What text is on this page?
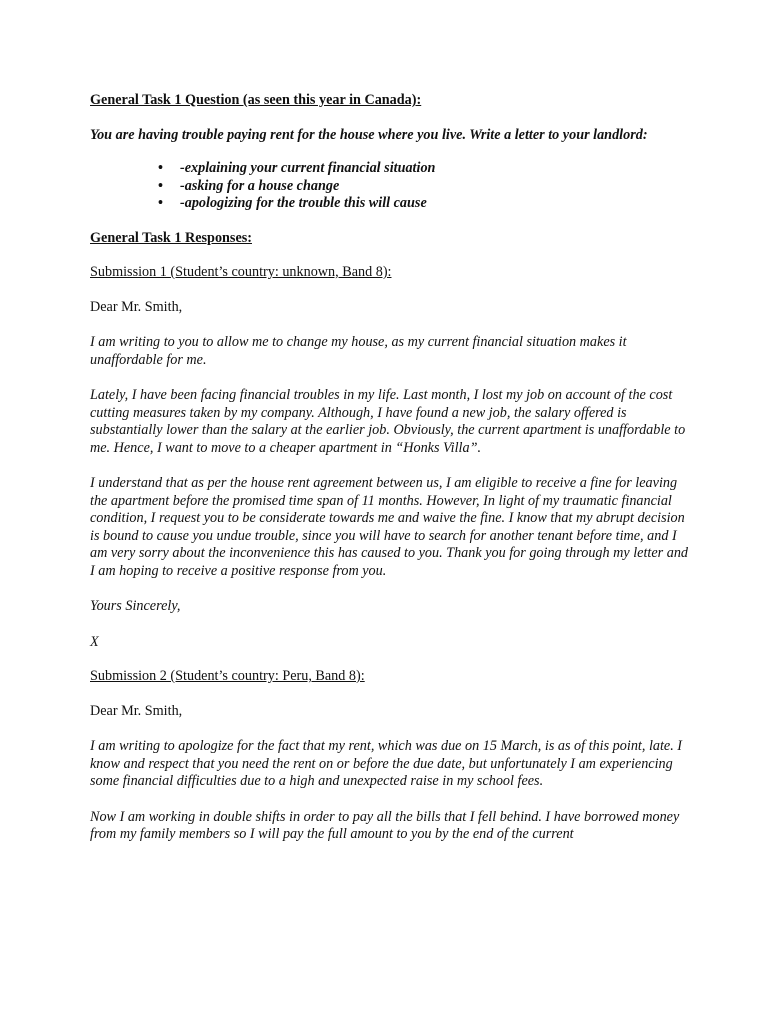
General Task 1 Question (as seen this year in Canada):

You are having trouble paying rent for the house where you live. Write a letter to your landlord:

• -explaining your current financial situation
• -asking for a house change
• -apologizing for the trouble this will cause

General Task 1 Responses:

Submission 1 (Student’s country: unknown, Band 8):

Dear Mr. Smith,

I am writing to you to allow me to change my house, as my current financial situation makes it unaffordable for me.

Lately, I have been facing financial troubles in my life. Last month, I lost my job on account of the cost cutting measures taken by my company. Although, I have found a new job, the salary offered is substantially lower than the salary at the earlier job. Obviously, the current apartment is unaffordable to me. Hence, I want to move to a cheaper apartment in “Honks Villa”.

I understand that as per the house rent agreement between us, I am eligible to receive a fine for leaving the apartment before the promised time span of 11 months. However, In light of my traumatic financial condition, I request you to be considerate towards me and waive the fine. I know that my abrupt decision is bound to cause you undue trouble, since you will have to search for another tenant before time, and I am very sorry about the inconvenience this has caused to you. Thank you for going through my letter and I am hoping to receive a positive response from you.

Yours Sincerely,

X

Submission 2 (Student’s country: Peru, Band 8):

Dear Mr. Smith,

I am writing to apologize for the fact that my rent, which was due on 15 March, is as of this point, late. I know and respect that you need the rent on or before the due date, but unfortunately I am experiencing some financial difficulties due to a high and unexpected raise in my school fees.

Now I am working in double shifts in order to pay all the bills that I fell behind. I have borrowed money from my family members so I will pay the full amount to you by the end of the current
